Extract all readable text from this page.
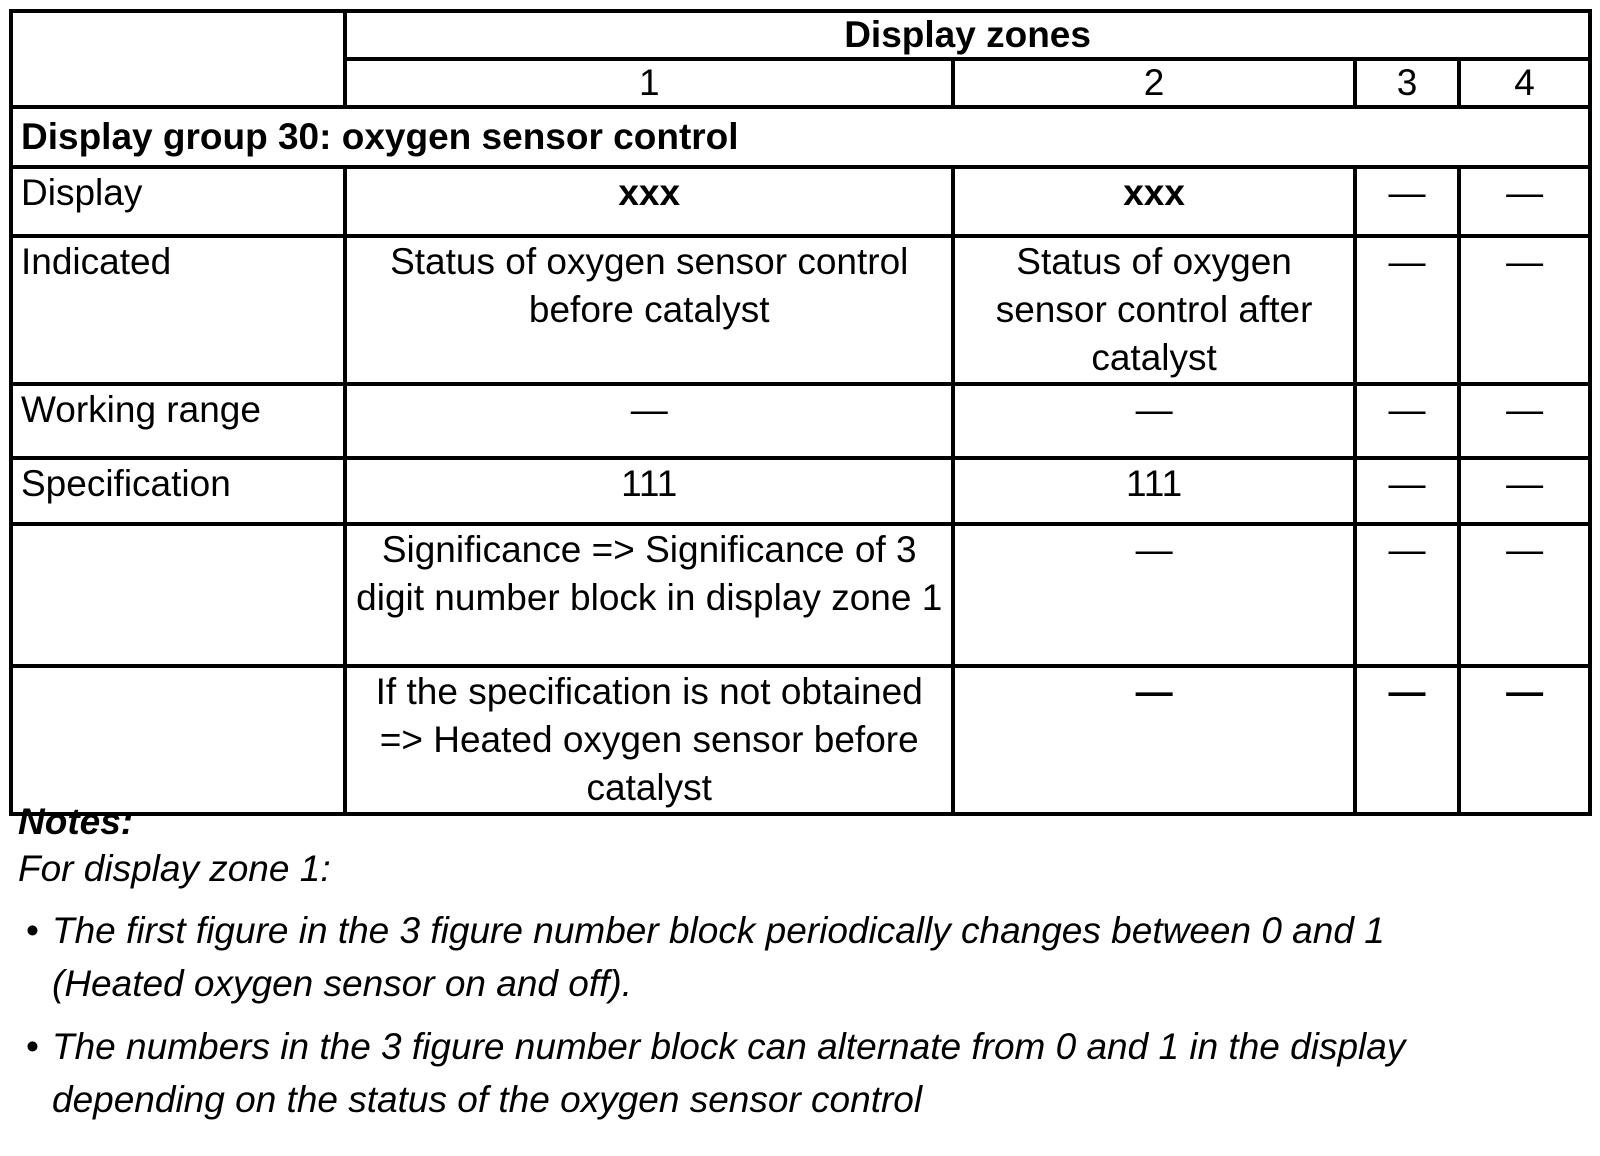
	Display zones			
	1	2	3	4
Display group 30: oxygen sensor control				
Display	xxx	xxx	—	—
Indicated	Status of oxygen sensor control before catalyst	Status of oxygen sensor control after catalyst	—	—
Working range	—	—	—	—
Specification	111	111	—	—
	Significance => Significance of 3 digit number block in display zone 1	—	—	—
	If the specification is not obtained => Heated oxygen sensor before catalyst	—	—	—
Notes:
For display zone 1:
• The first figure in the 3 figure number block periodically changes between 0 and 1 (Heated oxygen sensor on and off).
• The numbers in the 3 figure number block can alternate from 0 and 1 in the display depending on the status of the oxygen sensor control
